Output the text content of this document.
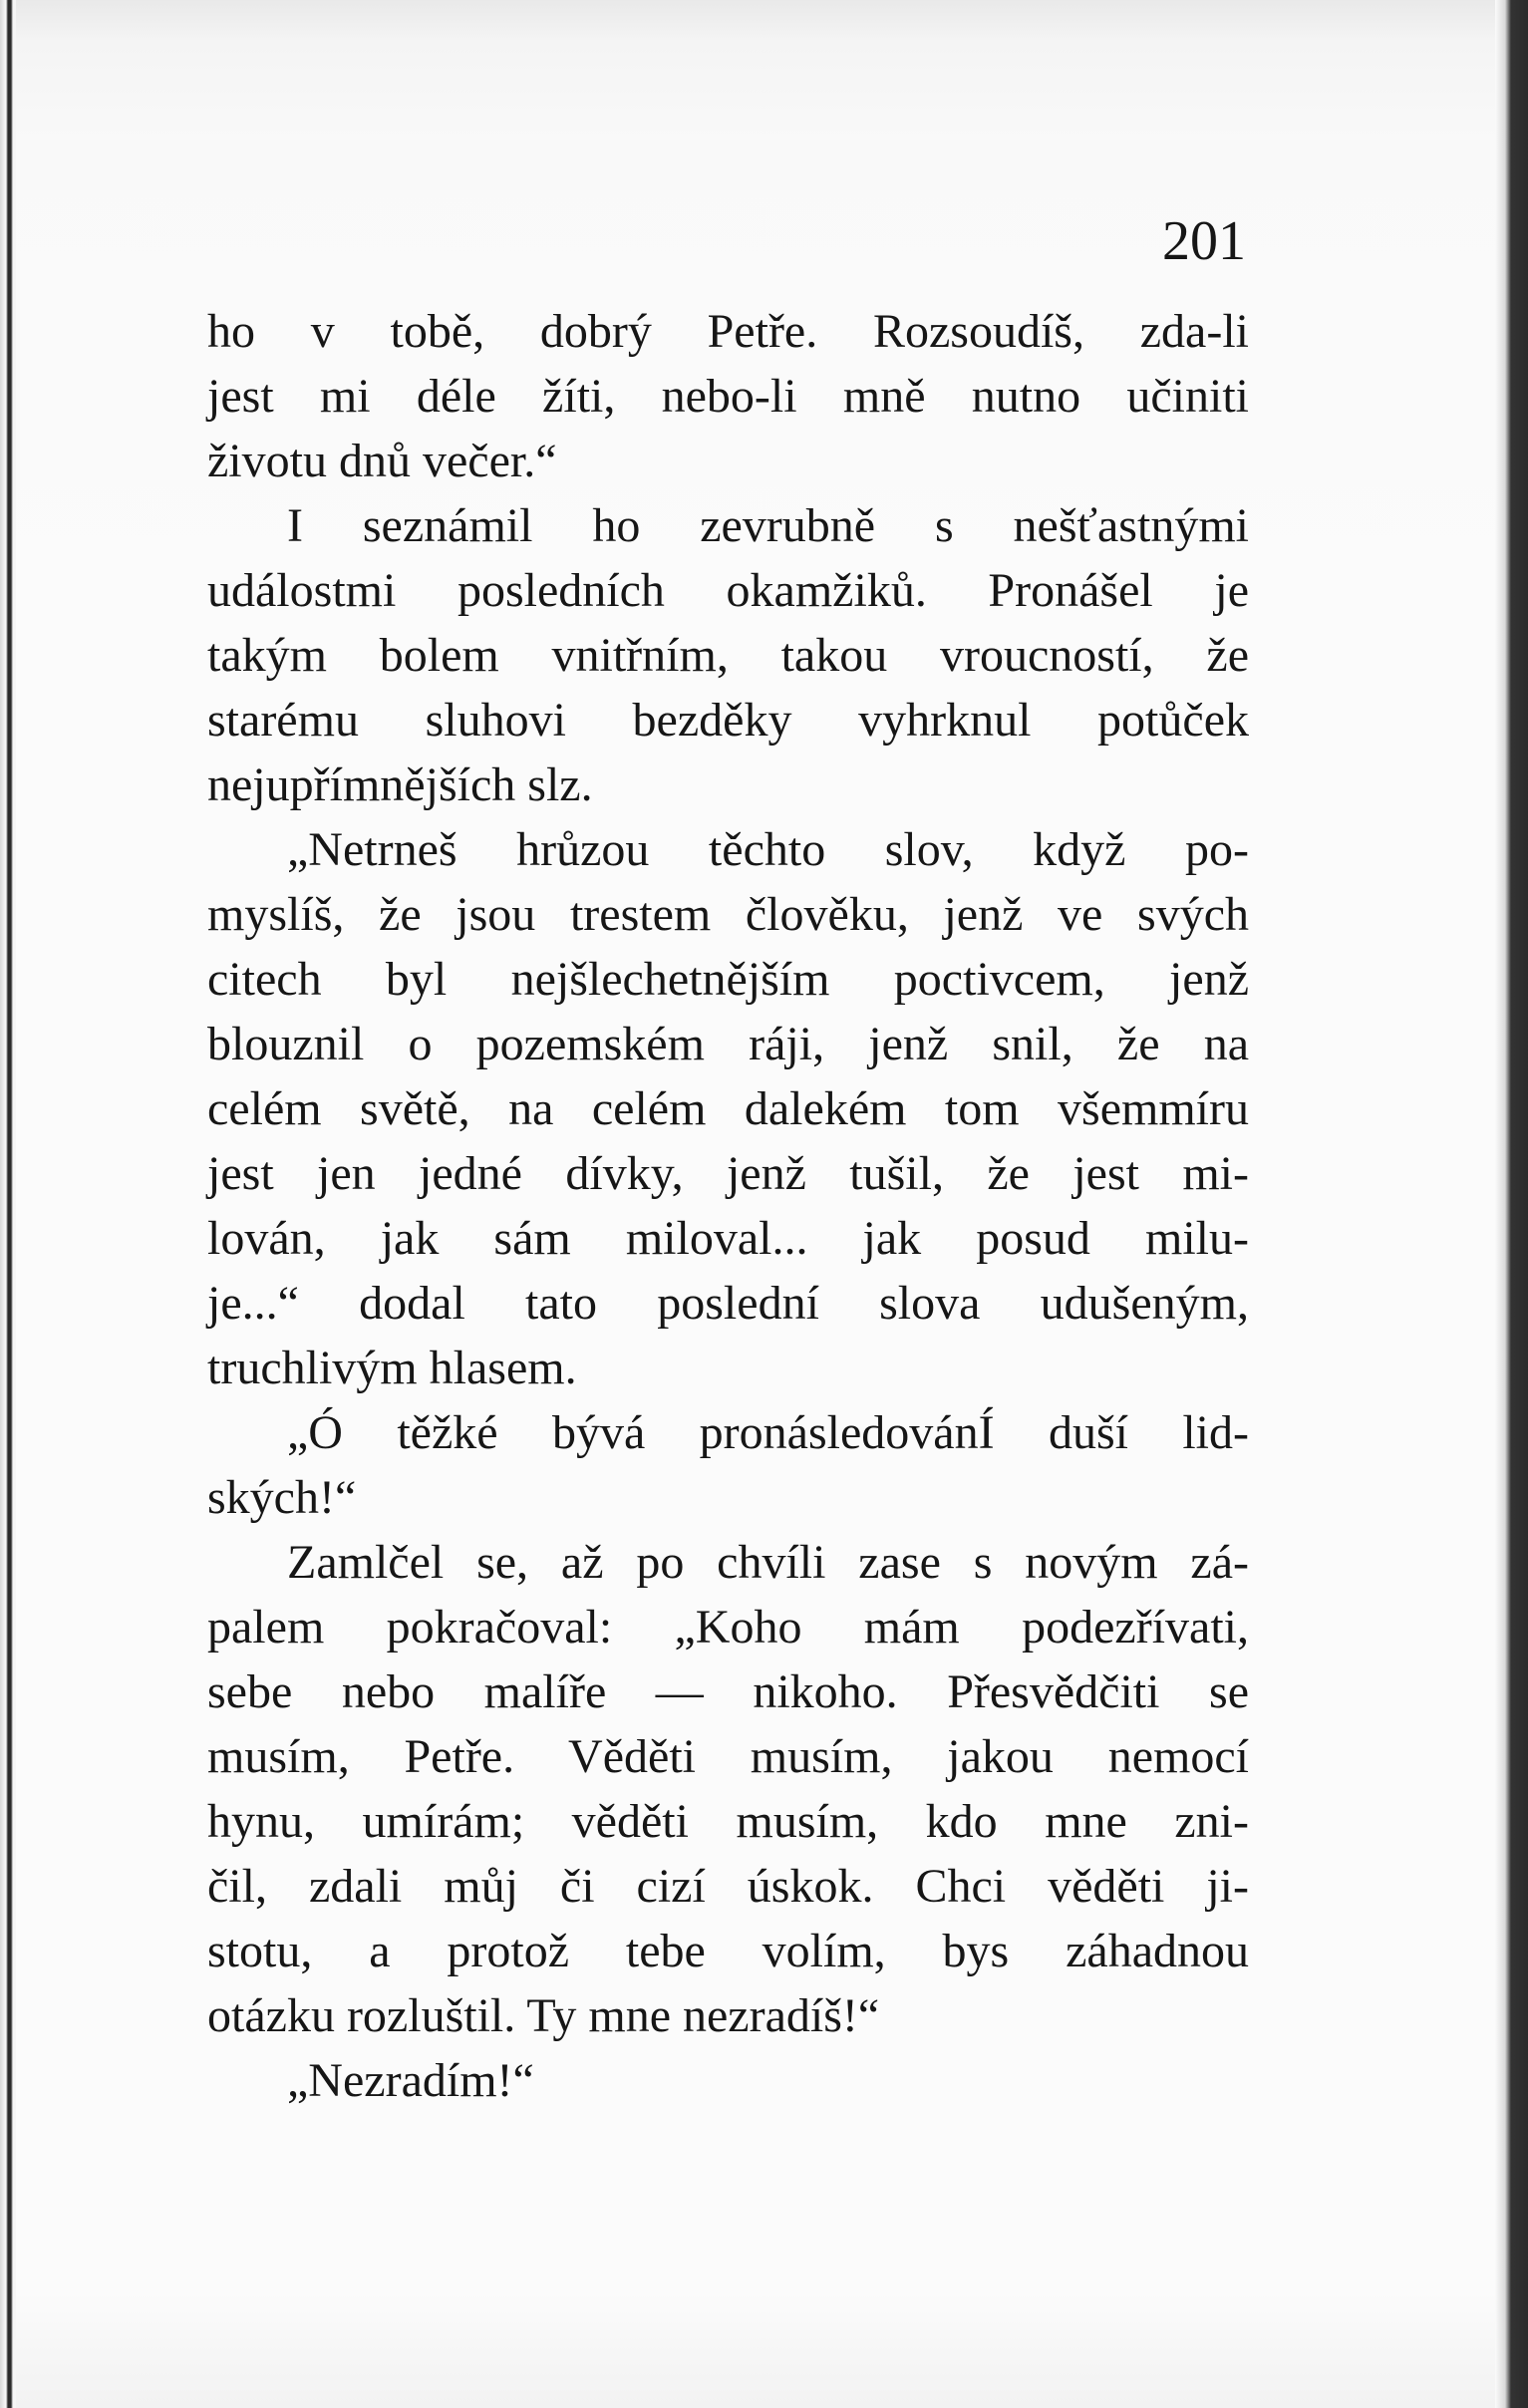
201
ho v tobě, dobrý Petře. Rozsoudíš, zda-li
jest mi déle žíti, nebo-li mně nutno učiniti
životu dnů večer.“
I seznámil ho zevrubně s nešťastnými
událostmi posledních okamžiků. Pronášel je
takým bolem vnitřním, takou vroucností, že
starému sluhovi bezděky vyhrknul potůček
nejupřímnějších slz.
„Netrneš hrůzou těchto slov, když po-
myslíš, že jsou trestem člověku, jenž ve svých
citech byl nejšlechetnějším poctivcem, jenž
blouznil o pozemském ráji, jenž snil, že na
celém světě, na celém dalekém tom všemmíru
jest jen jedné dívky, jenž tušil, že jest mi-
lován, jak sám miloval... jak posud milu-
je...“ dodal tato poslední slova udušeným,
truchlivým hlasem.
„Ó těžké bývá pronásledovánÍ duší lid-
ských!“
Zamlčel se, až po chvíli zase s novým zá-
palem pokračoval: „Koho mám podezřívati,
sebe nebo malíře — nikoho. Přesvědčiti se
musím, Petře. Věděti musím, jakou nemocí
hynu, umírám; věděti musím, kdo mne zni-
čil, zdali můj či cizí úskok. Chci věděti ji-
stotu, a protož tebe volím, bys záhadnou
otázku rozluštil. Ty mne nezradíš!“
„Nezradím!“
